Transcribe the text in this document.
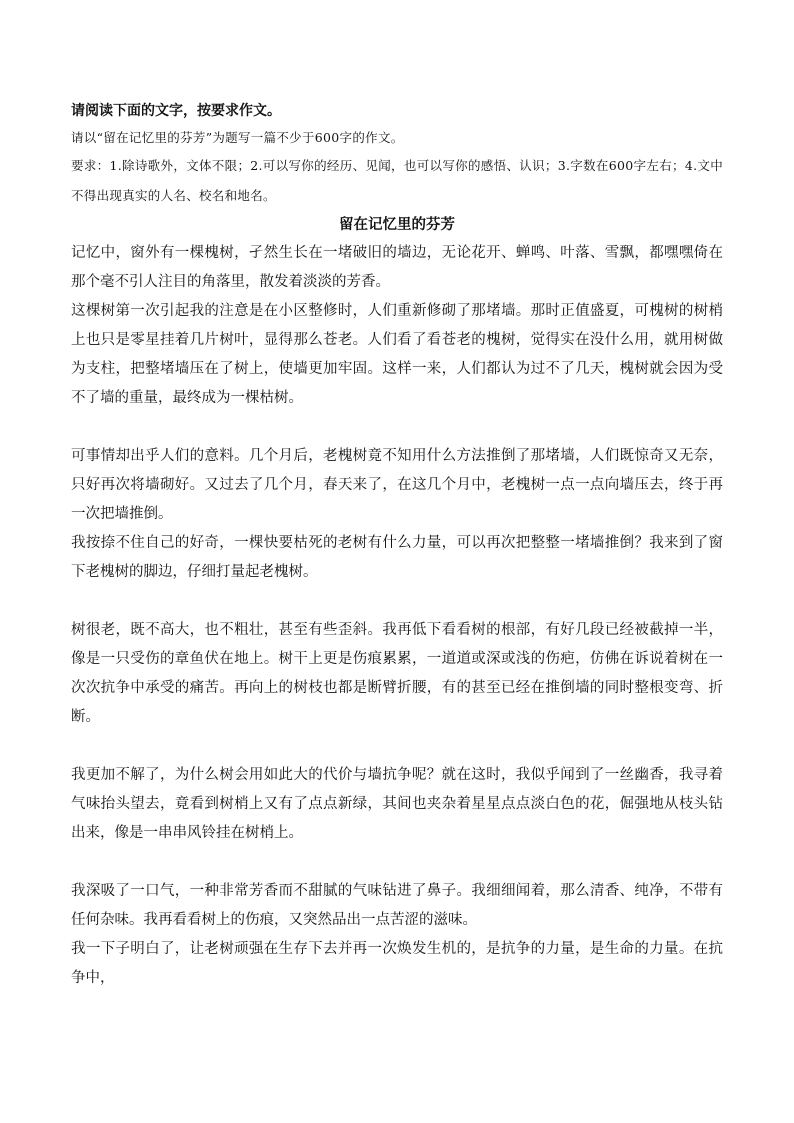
请阅读下面的文字，按要求作文。

请以“留在记忆里的芬芳”为题写一篇不少于600字的作文。

要求：1.除诗歌外，文体不限；2.可以写你的经历、见闻，也可以写你的感悟、认识；3.字数在600字左右；4.文中不得出现真实的人名、校名和地名。

留在记忆里的芬芳

记忆中，窗外有一棵槐树，孑然生长在一堵破旧的墙边，无论花开、蝉鸣、叶落、雪飘，都嘿嘿倚在那个毫不引人注目的角落里，散发着淡淡的芳香。

这棵树第一次引起我的注意是在小区整修时，人们重新修砌了那堵墙。那时正值盛夏，可槐树的树梢上也只是零星挂着几片树叶，显得那么苍老。人们看了看苍老的槐树，觉得实在没什么用，就用树做为支柱，把整堵墙压在了树上，使墙更加牢固。这样一来，人们都认为过不了几天，槐树就会因为受不了墙的重量，最终成为一棵枯树。

可事情却出乎人们的意料。几个月后，老槐树竟不知用什么方法推倒了那堵墙，人们既惊奇又无奈，只好再次将墙砌好。又过去了几个月，春天来了，在这几个月中，老槐树一点一点向墙压去，终于再一次把墙推倒。

我按捺不住自己的好奇，一棵快要枯死的老树有什么力量，可以再次把整整一堵墙推倒？我来到了窗下老槐树的脚边，仔细打量起老槐树。

树很老，既不高大，也不粗壮，甚至有些歪斜。我再低下看看树的根部，有好几段已经被截掉一半，像是一只受伤的章鱼伏在地上。树干上更是伤痕累累，一道道或深或浅的伤疤，仿佛在诉说着树在一次次抗争中承受的痛苦。再向上的树枝也都是断臂折腰，有的甚至已经在推倒墙的同时整根变弯、折断。

我更加不解了，为什么树会用如此大的代价与墙抗争呢？就在这时，我似乎闻到了一丝幽香，我寻着气味抬头望去，竟看到树梢上又有了点点新绿，其间也夹杂着星星点点淡白色的花，倔强地从枝头钻出来，像是一串串风铃挂在树梢上。

我深吸了一口气，一种非常芳香而不甜腻的气味钻进了鼻子。我细细闻着，那么清香、纯净，不带有任何杂味。我再看看树上的伤痕，又突然品出一点苦涩的滋味。

我一下子明白了，让老树顽强在生存下去并再一次焕发生机的，是抗争的力量，是生命的力量。在抗争中，
